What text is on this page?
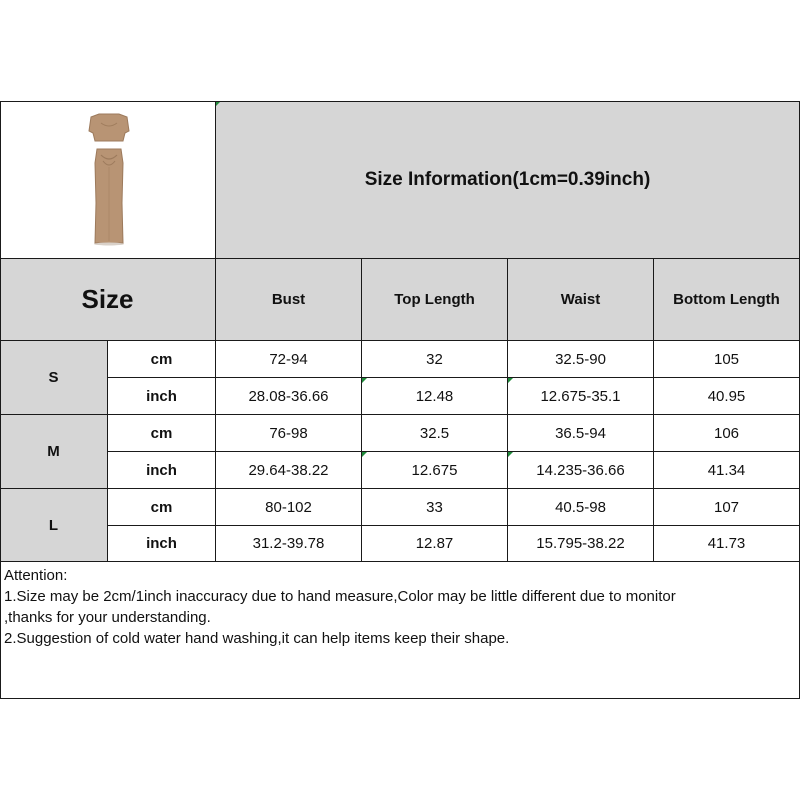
Size Information(1cm=0.39inch)
Size	Bust	Top Length	Waist	Bottom Length
S
cm	72-94	32	32.5-90	105
inch	28.08-36.66	12.48	12.675-35.1	40.95
M
cm	76-98	32.5	36.5-94	106
inch	29.64-38.22	12.675	14.235-36.66	41.34
L
cm	80-102	33	40.5-98	107
inch	31.2-39.78	12.87	15.795-38.22	41.73
Attention:
1.Size may be 2cm/1inch inaccuracy due to hand measure,Color may be little different due to monitor
,thanks for your understanding.
2.Suggestion of cold water hand washing,it can help items keep their shape.
